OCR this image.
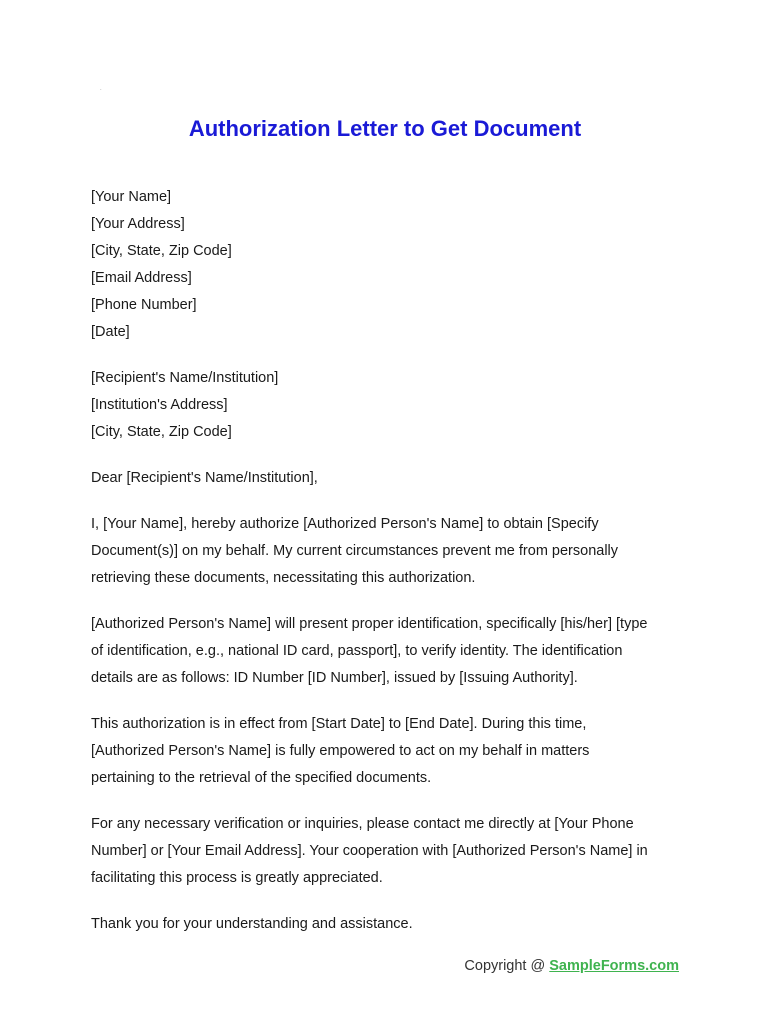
.
Authorization Letter to Get Document
[Your Name]
[Your Address]
[City, State, Zip Code]
[Email Address]
[Phone Number]
[Date]
[Recipient's Name/Institution]
[Institution's Address]
[City, State, Zip Code]
Dear [Recipient's Name/Institution],
I, [Your Name], hereby authorize [Authorized Person's Name] to obtain [Specify
Document(s)] on my behalf. My current circumstances prevent me from personally
retrieving these documents, necessitating this authorization.
[Authorized Person's Name] will present proper identification, specifically [his/her] [type
of identification, e.g., national ID card, passport], to verify identity. The identification
details are as follows: ID Number [ID Number], issued by [Issuing Authority].
This authorization is in effect from [Start Date] to [End Date]. During this time,
[Authorized Person's Name] is fully empowered to act on my behalf in matters
pertaining to the retrieval of the specified documents.
For any necessary verification or inquiries, please contact me directly at [Your Phone
Number] or [Your Email Address]. Your cooperation with [Authorized Person's Name] in
facilitating this process is greatly appreciated.
Thank you for your understanding and assistance.
Copyright @ SampleForms.com
